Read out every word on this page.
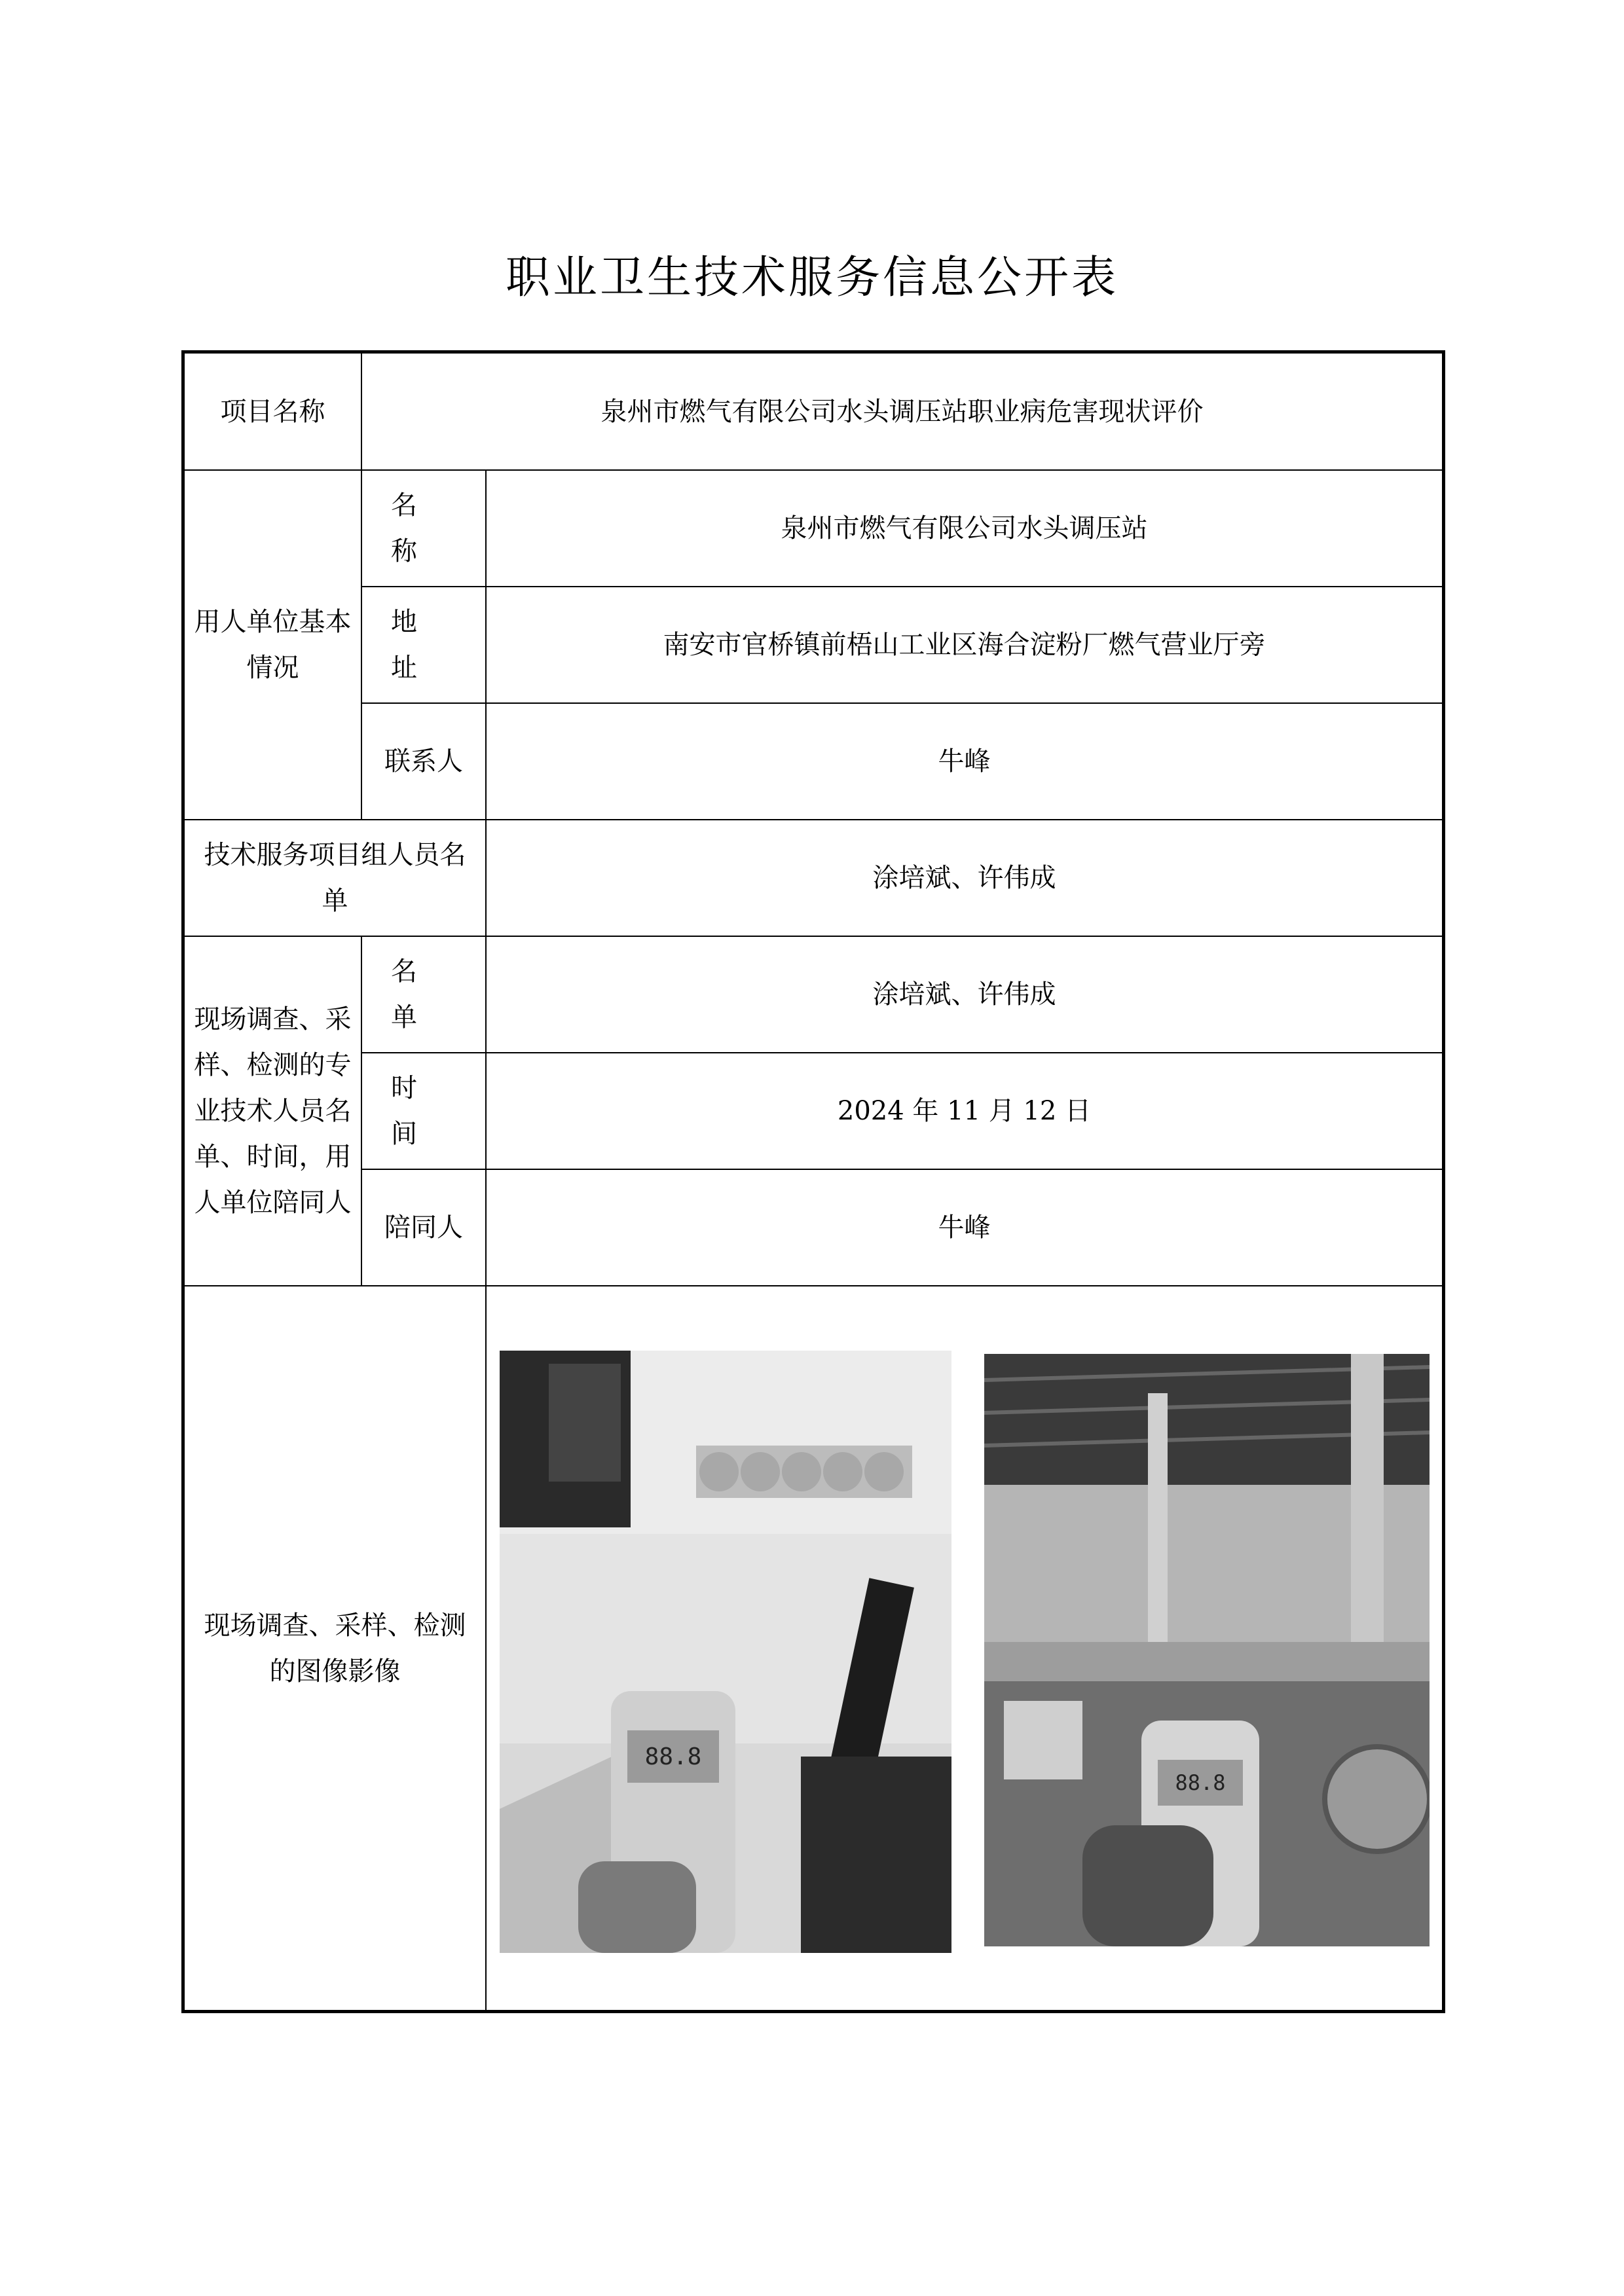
职业卫生技术服务信息公开表
项目名称	泉州市燃气有限公司水头调压站职业病危害现状评价	
用人单位基本情况	名 称	泉州市燃气有限公司水头调压站
	地 址	南安市官桥镇前梧山工业区海合淀粉厂燃气营业厅旁
	联系人	牛峰
技术服务项目组人员名单		涂培斌、许伟成
现场调查、采样、检测的专业技术人员名单、时间，用人单位陪同人	名 单	涂培斌、许伟成
	时 间	2024 年 11 月 12 日
	陪同人	牛峰
现场调查、采样、检测的图像影像		88.8
88.8
